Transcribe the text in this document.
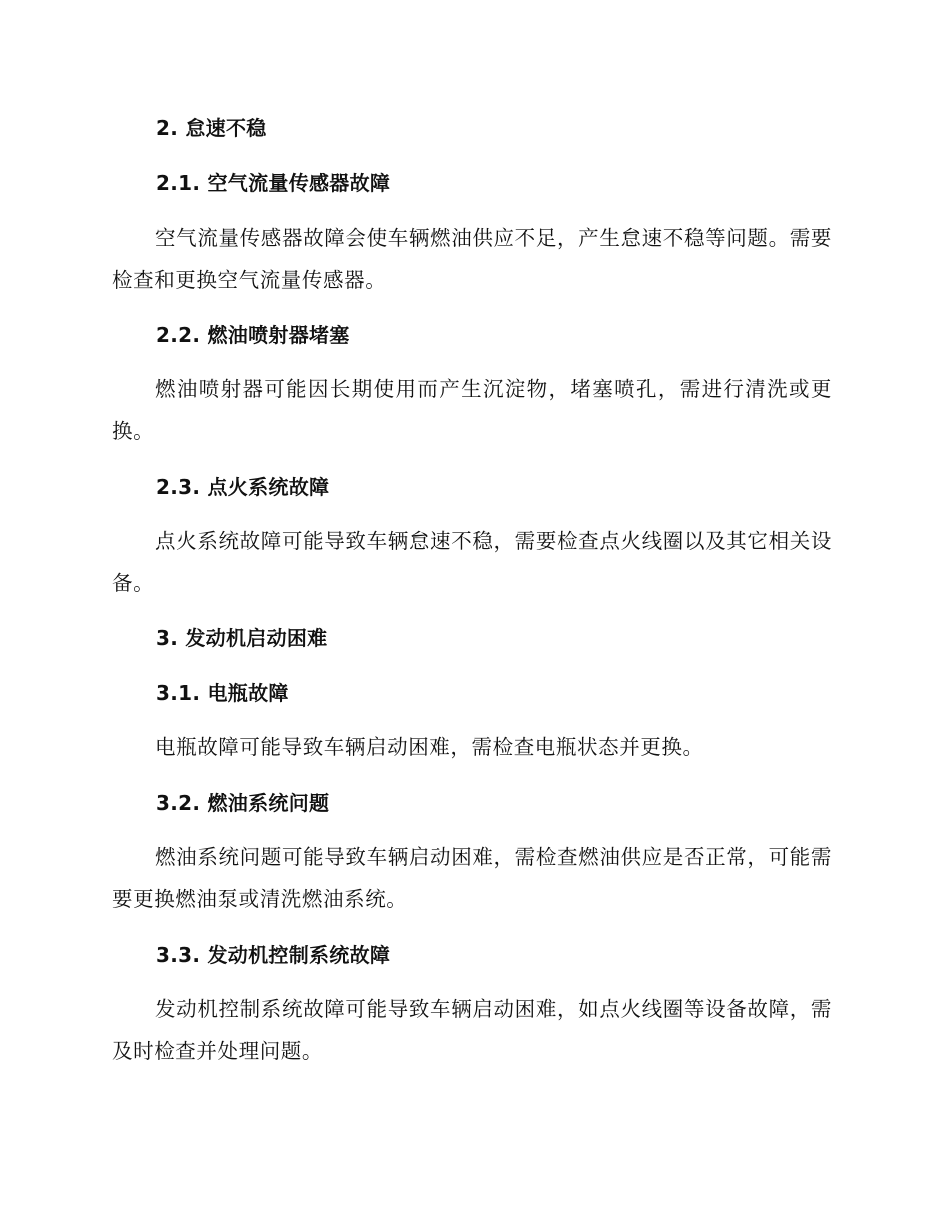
2. 怠速不稳
2.1. 空气流量传感器故障

空气流量传感器故障会使车辆燃油供应不足，产生怠速不稳等问题。需要检查和更换空气流量传感器。

2.2. 燃油喷射器堵塞

燃油喷射器可能因长期使用而产生沉淀物，堵塞喷孔，需进行清洗或更换。

2.3. 点火系统故障

点火系统故障可能导致车辆怠速不稳，需要检查点火线圈以及其它相关设备。

3. 发动机启动困难
3.1. 电瓶故障

电瓶故障可能导致车辆启动困难，需检查电瓶状态并更换。

3.2. 燃油系统问题

燃油系统问题可能导致车辆启动困难，需检查燃油供应是否正常，可能需要更换燃油泵或清洗燃油系统。

3.3. 发动机控制系统故障

发动机控制系统故障可能导致车辆启动困难，如点火线圈等设备故障，需及时检查并处理问题。
